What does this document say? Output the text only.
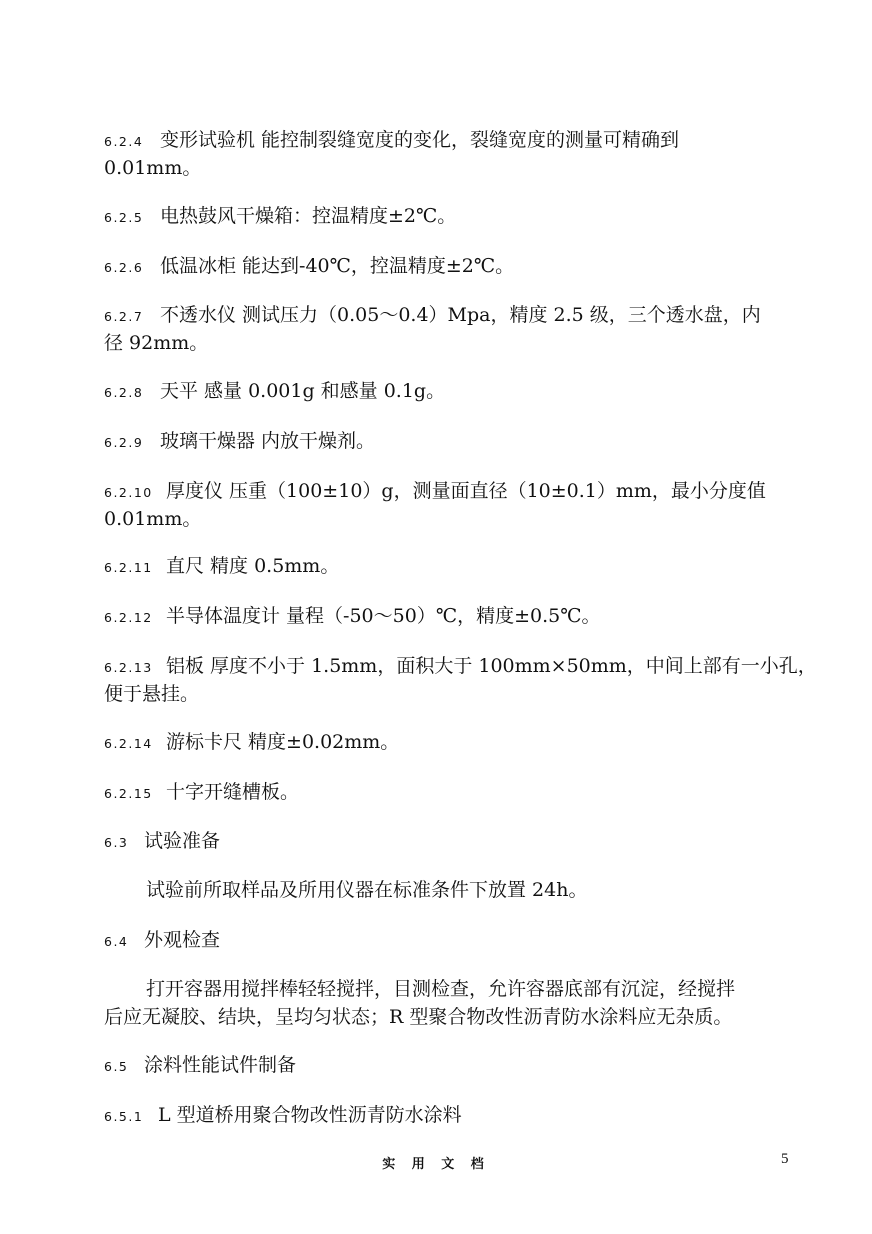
6.2.4 变形试验机 能控制裂缝宽度的变化，裂缝宽度的测量可精确到
0.01mm。
6.2.5 电热鼓风干燥箱：控温精度±2℃。
6.2.6 低温冰柜 能达到-40℃，控温精度±2℃。
6.2.7 不透水仪 测试压力（0.05～0.4）Mpa，精度 2.5 级，三个透水盘，内
径 92mm。
6.2.8 天平 感量 0.001g 和感量 0.1g。
6.2.9 玻璃干燥器 内放干燥剂。
6.2.10 厚度仪 压重（100±10）g，测量面直径（10±0.1）mm，最小分度值
0.01mm。
6.2.11 直尺 精度 0.5mm。
6.2.12 半导体温度计 量程（-50～50）℃，精度±0.5℃。
6.2.13 铝板 厚度不小于 1.5mm，面积大于 100mm×50mm，中间上部有一小孔，
便于悬挂。
6.2.14 游标卡尺 精度±0.02mm。
6.2.15 十字开缝槽板。
6.3 试验准备
试验前所取样品及所用仪器在标准条件下放置 24h。
6.4 外观检查
打开容器用搅拌棒轻轻搅拌，目测检查，允许容器底部有沉淀，经搅拌
后应无凝胶、结块，呈均匀状态；R 型聚合物改性沥青防水涂料应无杂质。
6.5 涂料性能试件制备
6.5.1 L 型道桥用聚合物改性沥青防水涂料
实 用 文 档	5
